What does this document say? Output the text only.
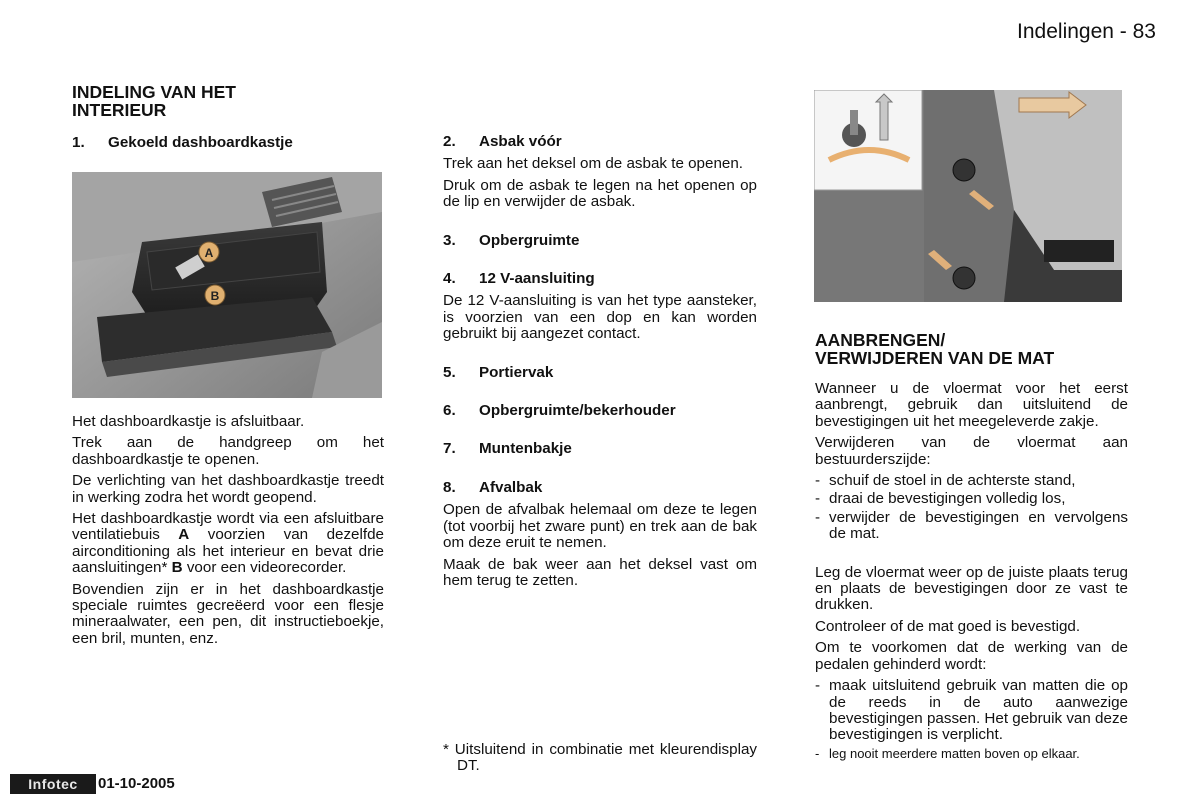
Indelingen - 83
INDELING VAN HET
INTERIEUR
1. Gekoeld dashboardkastje
A
B

Het dashboardkastje is afsluitbaar.

Trek aan de handgreep om het dashboardkastje te openen.

De verlichting van het dashboardkastje treedt in werking zodra het wordt geopend.

Het dashboardkastje wordt via een afsluitbare ventilatiebuis A voorzien van dezelfde airconditioning als het interieur en bevat drie aansluitingen* B voor een videorecorder.

Bovendien zijn er in het dashboardkastje speciale ruimtes gecreëerd voor een flesje mineraalwater, een pen, dit instructieboekje, een bril, munten, enz.

2. Asbak vóór

Trek aan het deksel om de asbak te openen.

Druk om de asbak te legen na het openen op de lip en verwijder de asbak.

3. Opbergruimte
4. 12 V-aansluiting

De 12 V-aansluiting is van het type aansteker, is voorzien van een dop en kan worden gebruikt bij aangezet contact.

5. Portiervak
6. Opbergruimte/bekerhouder
7. Muntenbakje
8. Afvalbak

Open de afvalbak helemaal om deze te legen (tot voorbij het zware punt) en trek aan de bak om deze eruit te nemen.

Maak de bak weer aan het deksel vast om hem terug te zetten.

* Uitsluitend in combinatie met kleurendisplay DT.

AANBRENGEN/
VERWIJDEREN VAN DE MAT

Wanneer u de vloermat voor het eerst aanbrengt, gebruik dan uitsluitend de bevestigingen uit het meegeleverde zakje.

Verwijderen van de vloermat aan bestuurderszijde:

- schuif de stoel in de achterste stand,
- draai de bevestigingen volledig los,
- verwijder de bevestigingen en vervolgens de mat.

Leg de vloermat weer op de juiste plaats terug en plaats de bevestigingen door ze vast te drukken.

Controleer of de mat goed is bevestigd.

Om te voorkomen dat de werking van de pedalen gehinderd wordt:

- maak uitsluitend gebruik van matten die op de reeds in de auto aanwezige bevestigingen passen. Het gebruik van deze bevestigingen is verplicht.
- leg nooit meerdere matten boven op elkaar.
Infotec	01-10-2005
